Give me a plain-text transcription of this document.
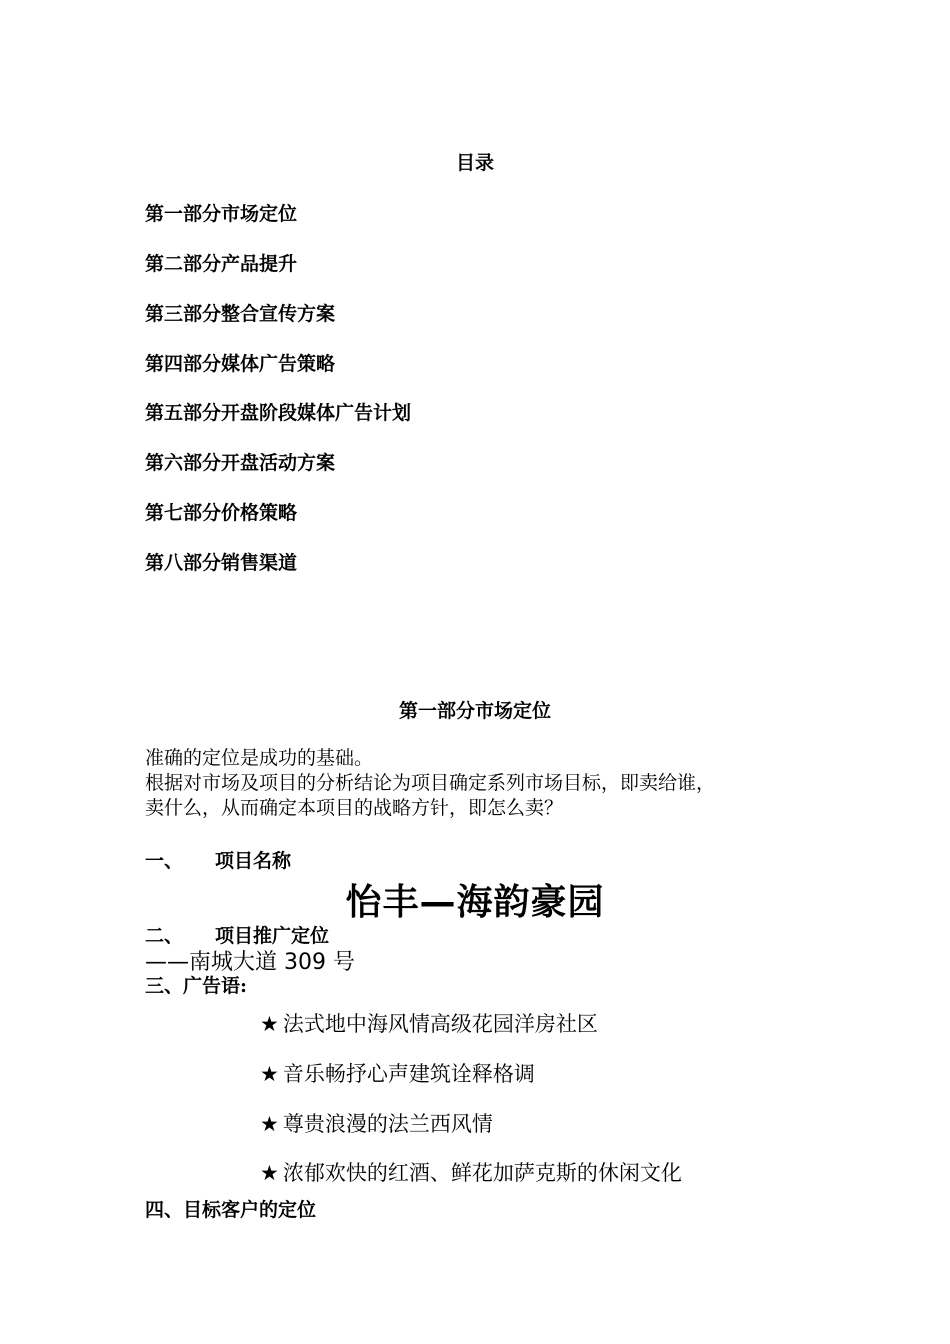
目录
第一部分市场定位
第二部分产品提升
第三部分整合宣传方案
第四部分媒体广告策略
第五部分开盘阶段媒体广告计划
第六部分开盘活动方案
第七部分价格策略
第八部分销售渠道
第一部分市场定位
准确的定位是成功的基础。
根据对市场及项目的分析结论为项目确定系列市场目标，即卖给谁，
卖什么，从而确定本项目的战略方针，即怎么卖？
一、 项目名称
怡丰—海韵豪园
二、 项目推广定位
——南城大道 309 号
三、广告语:
★ 法式地中海风情高级花园洋房社区
★ 音乐畅抒心声建筑诠释格调
★ 尊贵浪漫的法兰西风情
★ 浓郁欢快的红酒、鲜花加萨克斯的休闲文化
四、目标客户的定位
